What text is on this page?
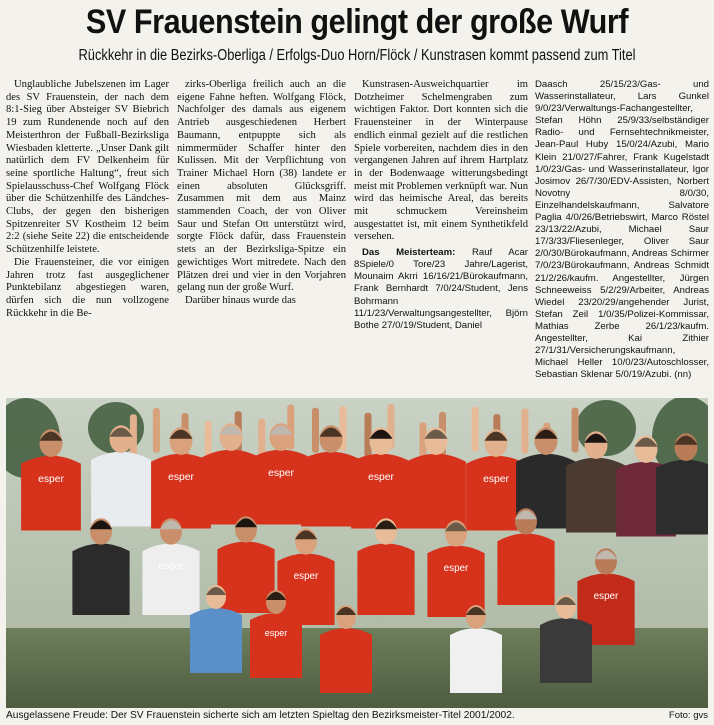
SV Frauenstein gelingt der große Wurf
Rückkehr in die Bezirks-Oberliga / Erfolgs-Duo Horn/Flöck / Kunstrasen kommt passend zum Titel

Unglaubliche Jubelszenen im Lager des SV Frauenstein, der nach dem 8:1-Sieg über Absteiger SV Biebrich 19 zum Rundenende noch auf den Meisterthron der Fußball-Bezirksliga Wiesbaden kletterte. „Unser Dank gilt natürlich dem FV Delkenheim für seine sportliche Haltung“, freut sich Spielausschuss-Chef Wolfgang Flöck über die Schützenhilfe des Ländches-Clubs, der gegen den bisherigen Spitzenreiter SV Kostheim 12 beim 2:2 (siehe Seite 22) die entscheidende Schützenhilfe leistete.

Die Frauensteiner, die vor einigen Jahren trotz fast ausgeglichener Punktebilanz abgestiegen waren, dürfen sich die nun vollzogene Rückkehr in die Be-

zirks-Oberliga freilich auch an die eigene Fahne heften. Wolfgang Flöck, Nachfolger des damals aus eigenem Antrieb ausgeschiedenen Herbert Baumann, entpuppte sich als nimmermüder Schaffer hinter den Kulissen. Mit der Verpflichtung von Trainer Michael Horn (38) landete er einen absoluten Glücksgriff. Zusammen mit dem aus Mainz stammenden Coach, der von Oliver Saur und Stefan Ott unterstützt wird, sorgte Flöck dafür, dass Frauenstein stets an der Bezirksliga-Spitze ein gewichtiges Wort mitredete. Nach den Plätzen drei und vier in den Vorjahren gelang nun der große Wurf.

Darüber hinaus wurde das

Kunstrasen-Ausweichquartier im Dotzheimer Schelmengraben zum wichtigen Faktor. Dort konnten sich die Frauensteiner in der Winterpause endlich einmal gezielt auf die restlichen Spiele vorbereiten, nachdem dies in den vergangenen Jahren auf ihrem Hartplatz in der Bodenwaage witterungsbedingt meist mit Problemen verknüpft war. Nun wird das heimische Areal, das bereits mit schmuckem Vereinsheim ausgestattet ist, mit einem Synthetikfeld versehen.

Das Meisterteam: Rauf Acar 8Spiele/0 Tore/23 Jahre/Lagerist, Mounaim Akrri 16/16/21/Bürokaufmann, Frank Bernhardt 7/0/24/Student, Jens Bohrmann 11/1/23/Verwaltungsangestellter, Björn Bothe 27/0/19/Student, Daniel

Daasch 25/15/23/Gas- und Wasserinstallateur, Lars Gunkel 9/0/23/Verwaltungs-Fachangestellter, Stefan Höhn 25/9/33/selbständiger Radio- und Fernsehtechnikmeister, Jean-Paul Huby 15/0/24/Azubi, Mario Klein 21/0/27/Fahrer, Frank Kugelstadt 1/0/23/Gas- und Wasserinstallateur, Igor Josimov 26/7/30/EDV-Assisten, Norbert Novotny 8/0/30, Einzelhandelskaufmann, Salvatore Paglia 4/0/26/Betriebswirt, Marco Röstel 23/13/22/Azubi, Michael Saur 17/3/33/Fliesenleger, Oliver Saur 2/0/30/Bürokaufmann, Andreas Schirmer 7/0/23/Bürokaufmann, Andreas Schmidt 21/2/26/kaufm. Angestellter, Jürgen Schneeweiss 5/2/29/Arbeiter, Andreas Wiedel 23/20/29/angehender Jurist, Stefan Zeil 1/0/35/Polizei-Kommissar, Mathias Zerbe 26/1/23/kaufm. Angestellter, Kai Zithier 27/1/31/Versicherungskaufmann, Michael Heller 10/0/23/Autoschlosser, Sebastian Sklenar 5/0/19/Azubi. (nn)

esper	esper	esper	esper	esper
esper
esper
esper
esper
esper
Ausgelassene Freude: Der SV Frauenstein sicherte sich am letzten Spieltag den Bezirksmeister-Titel 2001/2002.	Foto: gvs
